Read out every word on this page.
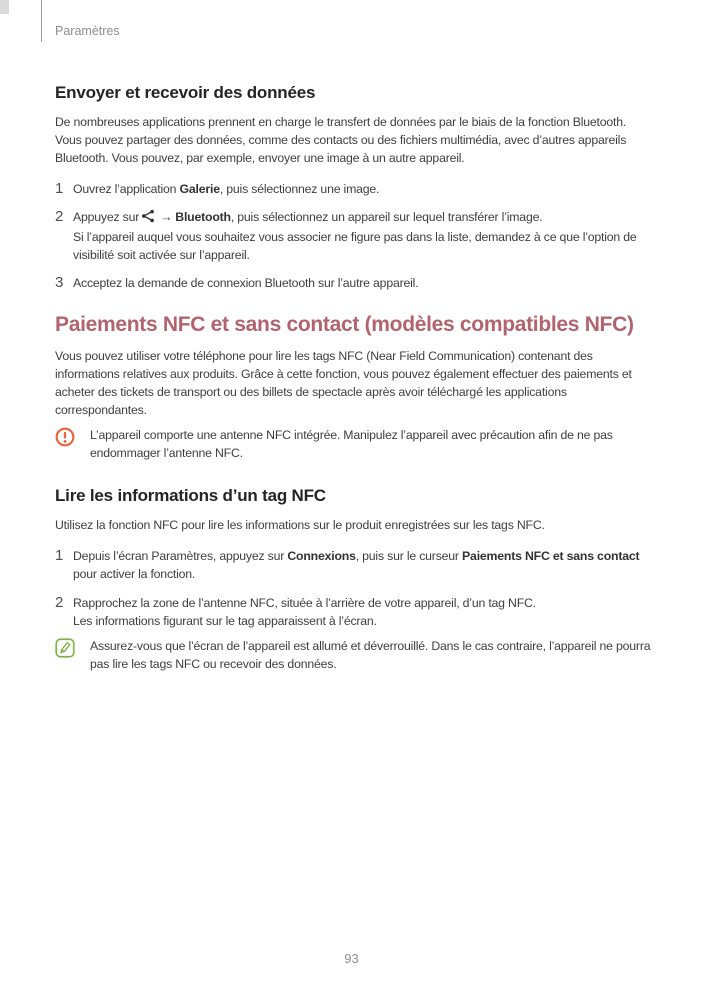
Paramètres
Envoyer et recevoir des données

De nombreuses applications prennent en charge le transfert de données par le biais de la fonction Bluetooth. Vous pouvez partager des données, comme des contacts ou des fichiers multimédia, avec d’autres appareils Bluetooth. Vous pouvez, par exemple, envoyer une image à un autre appareil.

1 Ouvrez l’application Galerie, puis sélectionnez une image.
2 Appuyez sur → Bluetooth, puis sélectionnez un appareil sur lequel transférer l’image.
Si l’appareil auquel vous souhaitez vous associer ne figure pas dans la liste, demandez à ce que l’option de visibilité soit activée sur l’appareil.
3 Acceptez la demande de connexion Bluetooth sur l’autre appareil.
Paiements NFC et sans contact (modèles compatibles NFC)

Vous pouvez utiliser votre téléphone pour lire les tags NFC (Near Field Communication) contenant des informations relatives aux produits. Grâce à cette fonction, vous pouvez également effectuer des paiements et acheter des tickets de transport ou des billets de spectacle après avoir téléchargé les applications correspondantes.

L’appareil comporte une antenne NFC intégrée. Manipulez l’appareil avec précaution afin de ne pas endommager l’antenne NFC.
Lire les informations d’un tag NFC

Utilisez la fonction NFC pour lire les informations sur le produit enregistrées sur les tags NFC.

1 Depuis l’écran Paramètres, appuyez sur Connexions, puis sur le curseur Paiements NFC et sans contact pour activer la fonction.
2 Rapprochez la zone de l’antenne NFC, située à l’arrière de votre appareil, d’un tag NFC.
Les informations figurant sur le tag apparaissent à l’écran.
Assurez-vous que l’écran de l’appareil est allumé et déverrouillé. Dans le cas contraire, l’appareil ne pourra pas lire les tags NFC ou recevoir des données.
93
